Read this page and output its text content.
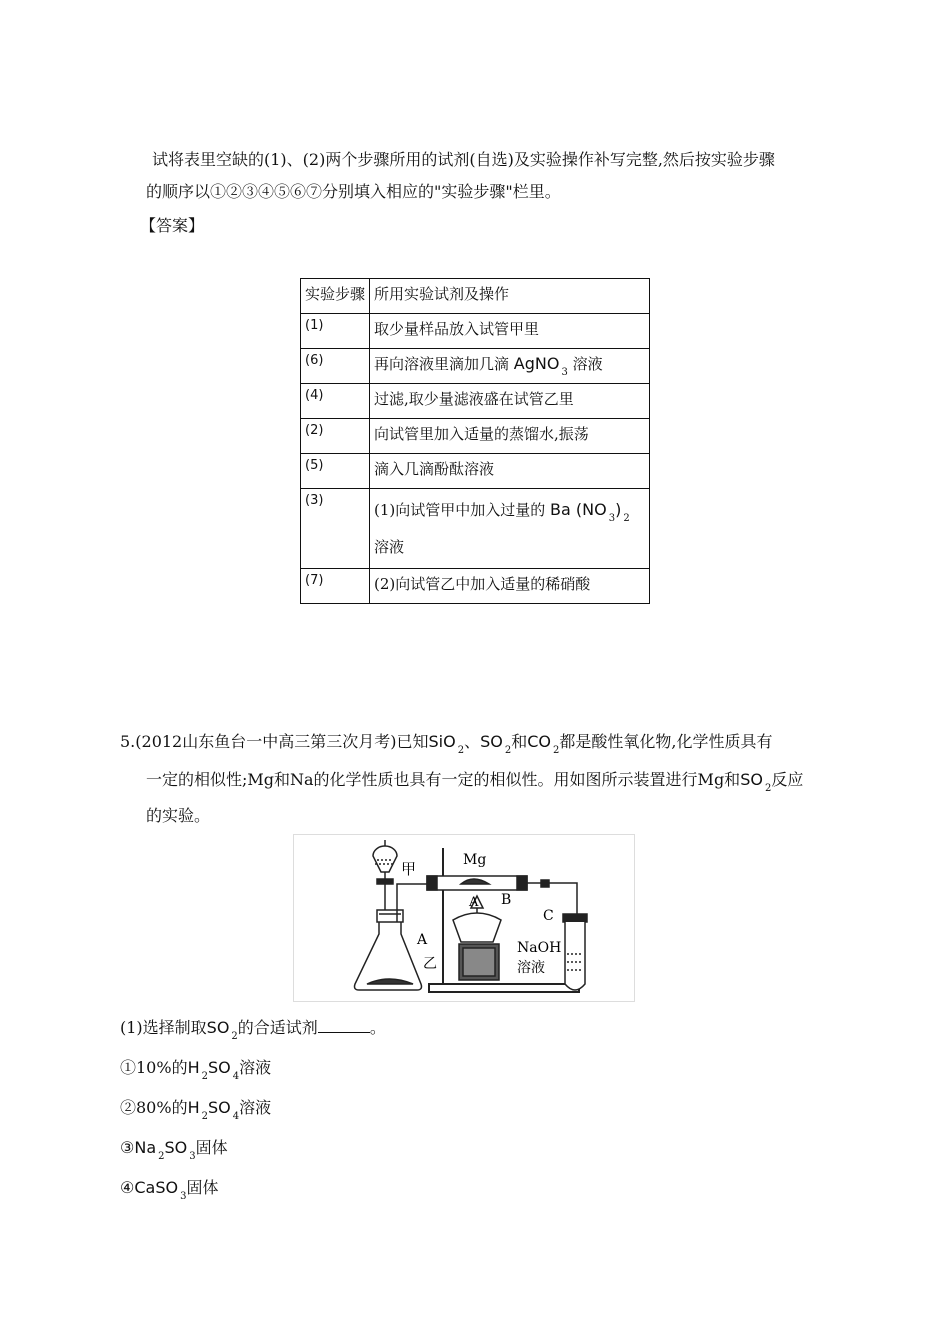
试将表里空缺的(1)、(2)两个步骤所用的试剂(自选)及实验操作补写完整,然后按实验步骤
的顺序以①②③④⑤⑥⑦分别填入相应的"实验步骤"栏里。
【答案】
实验步骤	所用实验试剂及操作
(1)	取少量样品放入试管甲里
(6)	再向溶液里滴加几滴 AgNO $_3$ 溶液
(4)	过滤,取少量滤液盛在试管乙里
(2)	向试管里加入适量的蒸馏水,振荡
(5)	滴入几滴酚酞溶液
(3)	(1)向试管甲中加入过量的 Ba (NO $_3$) $_2$
溶液
(7)	(2)向试管乙中加入适量的稀硝酸
5.(2012山东鱼台一中高三第三次月考)已知SiO $_2$、SO $_2$和CO $_2$都是酸性氧化物,化学性质具有
一定的相似性;Mg和Na的化学性质也具有一定的相似性。用如图所示装置进行Mg和SO $_2$反应
的实验。
甲	Mg
A B
C
A
乙
NaOH
溶液
(1)选择制取SO $_2$的合适试剂	。
①10%的H $_2$SO $_4$溶液
②80%的H $_2$SO $_4$溶液
③Na $_2$SO $_3$固体
④CaSO $_3$固体
